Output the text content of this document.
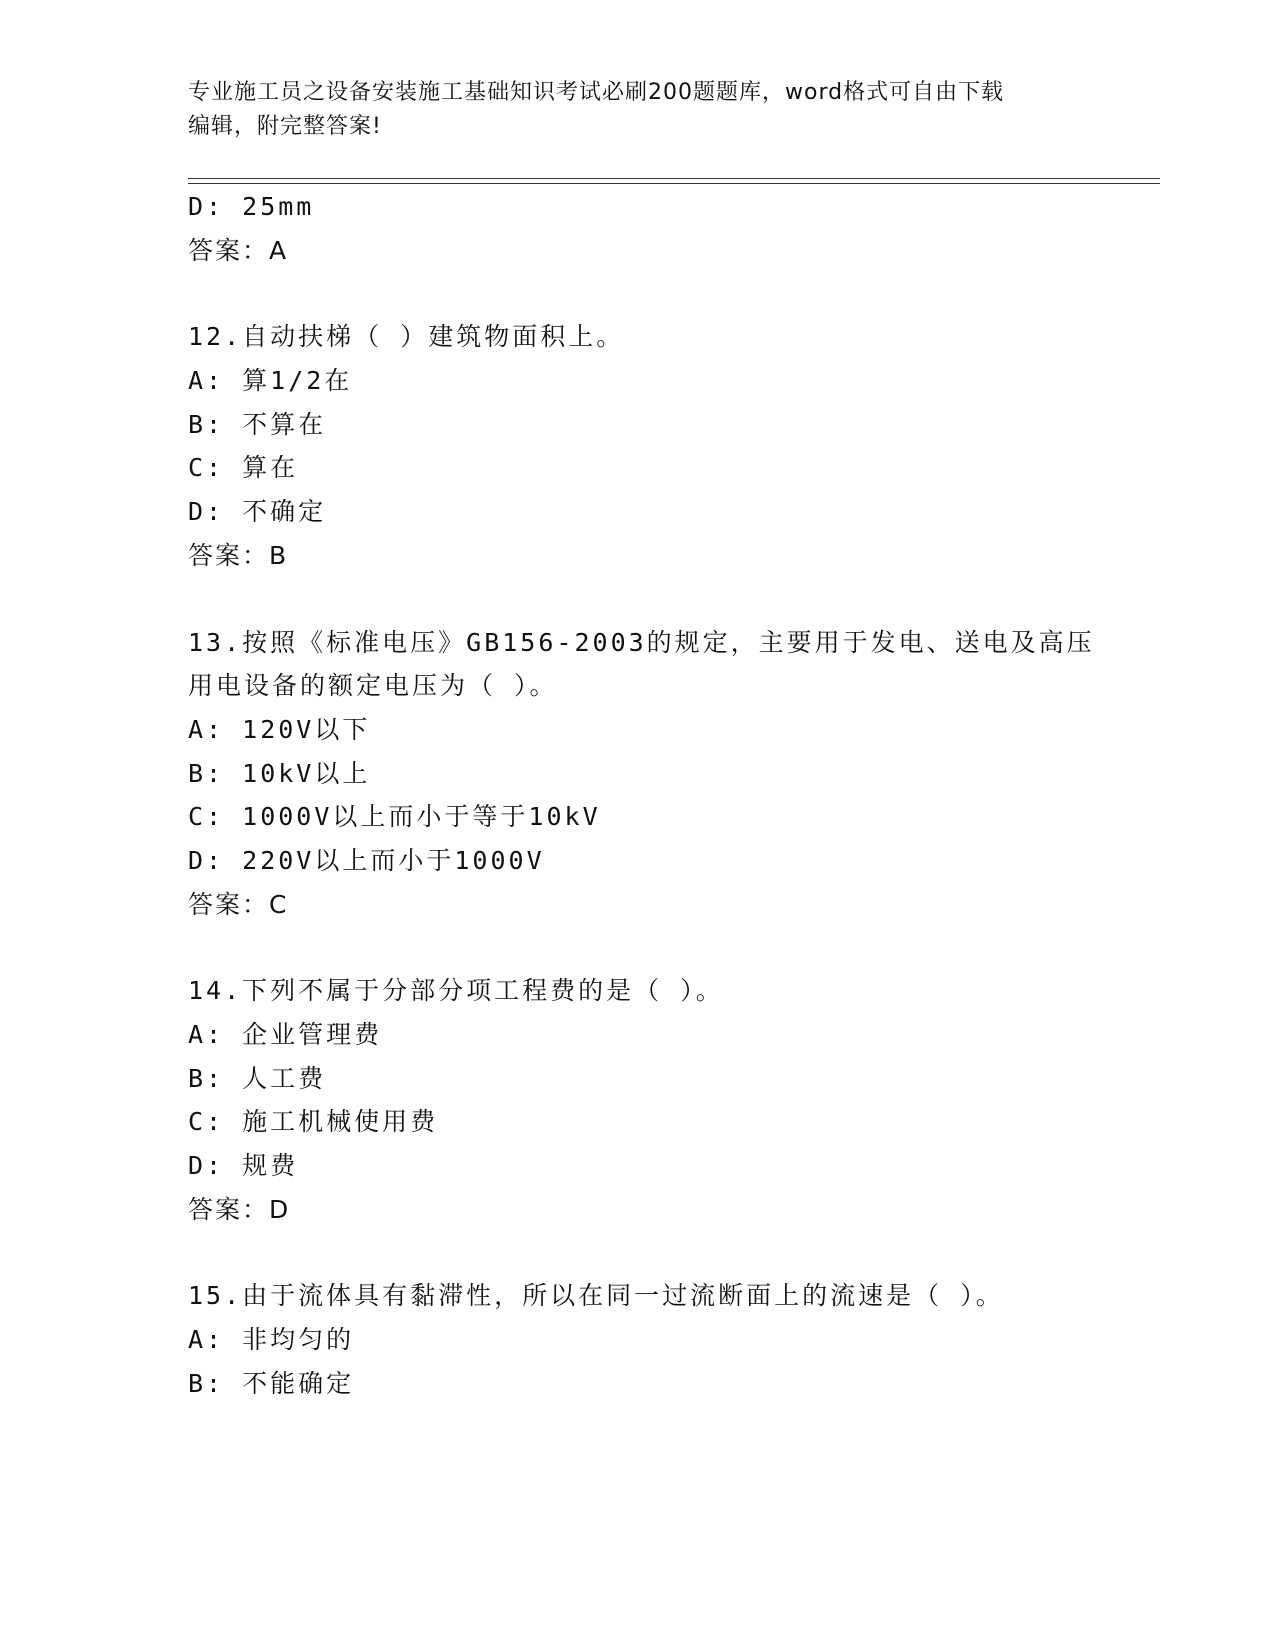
专业施工员之设备安装施工基础知识考试必刷200题题库，word格式可自由下载
编辑，附完整答案!
D: 25mm
答案：A
12.自动扶梯（ ）建筑物面积上。
A: 算1/2在
B: 不算在
C: 算在
D: 不确定
答案：B
13.按照《标准电压》GB156-2003的规定，主要用于发电、送电及高压
用电设备的额定电压为（ ）。
A: 120V以下
B: 10kV以上
C: 1000V以上而小于等于10kV
D: 220V以上而小于1000V
答案：C
14.下列不属于分部分项工程费的是（ ）。
A: 企业管理费
B: 人工费
C: 施工机械使用费
D: 规费
答案：D
15.由于流体具有黏滞性，所以在同一过流断面上的流速是（ ）。
A: 非均匀的
B: 不能确定
